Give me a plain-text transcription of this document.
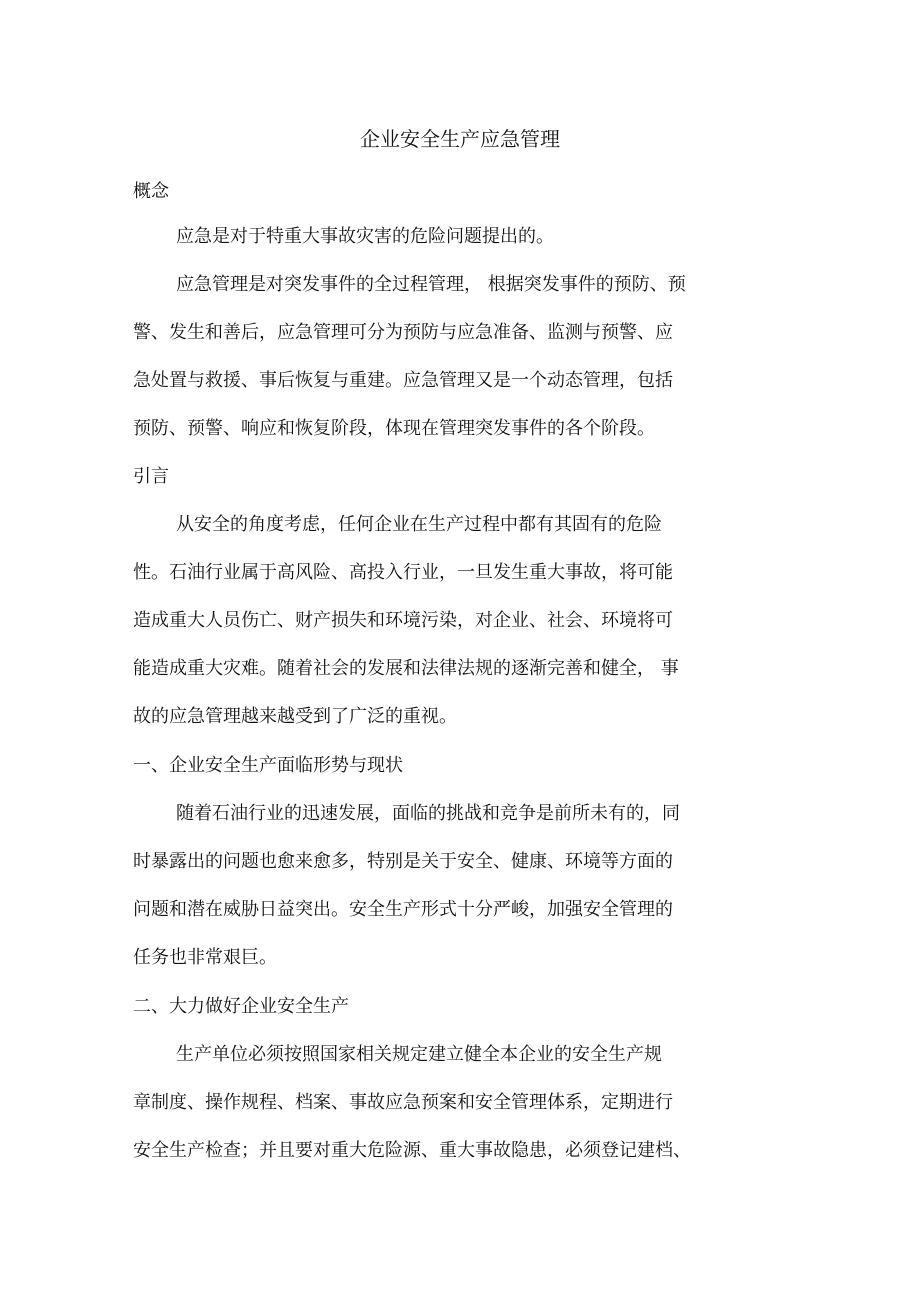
企业安全生产应急管理

概念

应急是对于特重大事故灾害的危险问题提出的。

应急管理是对突发事件的全过程管理， 根据突发事件的预防、预

警、发生和善后，应急管理可分为预防与应急准备、监测与预警、应

急处置与救援、事后恢复与重建。应急管理又是一个动态管理，包括

预防、预警、响应和恢复阶段，体现在管理突发事件的各个阶段。

引言

从安全的角度考虑，任何企业在生产过程中都有其固有的危险

性。石油行业属于高风险、高投入行业，一旦发生重大事故，将可能

造成重大人员伤亡、财产损失和环境污染，对企业、社会、环境将可

能造成重大灾难。随着社会的发展和法律法规的逐渐完善和健全， 事

故的应急管理越来越受到了广泛的重视。

一、企业安全生产面临形势与现状

随着石油行业的迅速发展，面临的挑战和竞争是前所未有的，同

时暴露出的问题也愈来愈多，特别是关于安全、健康、环境等方面的

问题和潜在威胁日益突出。安全生产形式十分严峻，加强安全管理的

任务也非常艰巨。

二、大力做好企业安全生产

生产单位必须按照国家相关规定建立健全本企业的安全生产规

章制度、操作规程、档案、事故应急预案和安全管理体系，定期进行

安全生产检查；并且要对重大危险源、重大事故隐患，必须登记建档、
